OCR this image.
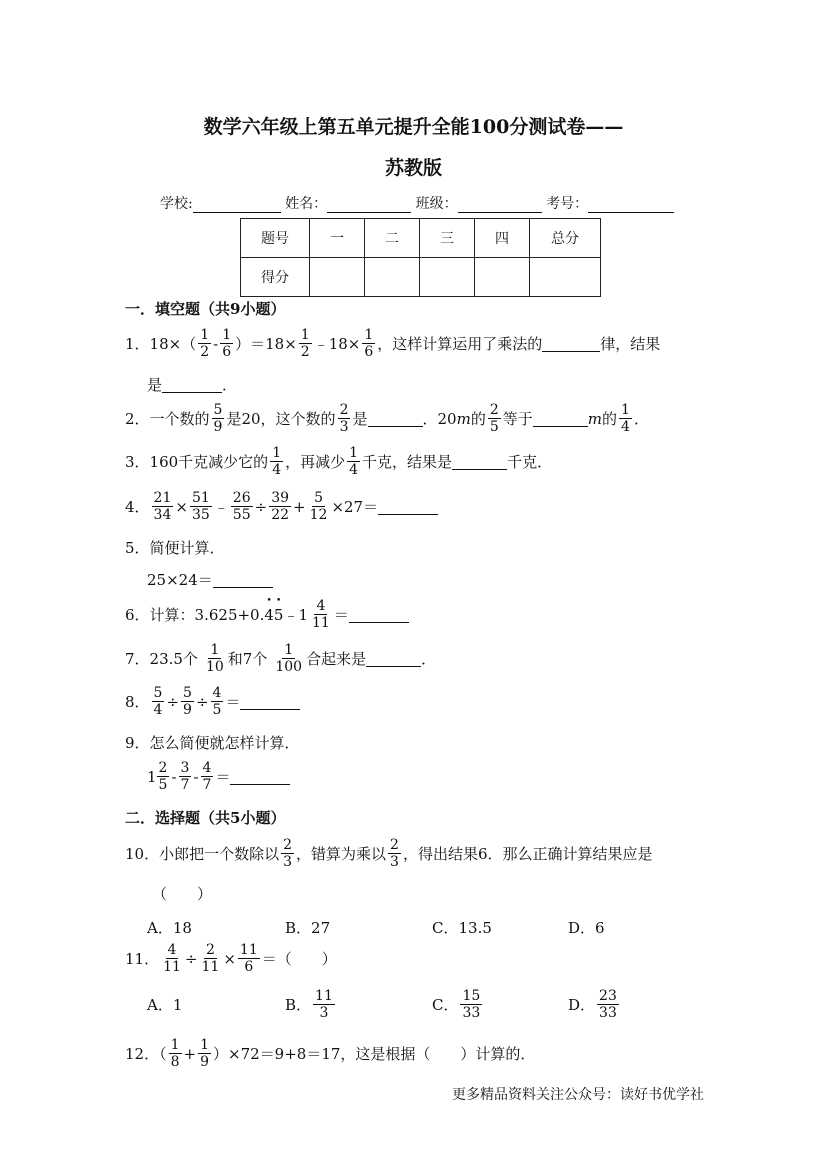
数学六年级上第五单元提升全能100分测试卷——
苏教版
学校:	姓名：	班级：	考号：
题号	一	二	三	四	总分
得分					
一．填空题（共9小题）
1．$18\times( \frac{1}{2} - \frac{1}{6} )=18\times \frac{1}{2}$ ﹣18× $\frac{1}{6}$ ，这样计算运用了乘法的	律，结果
是	．
2．一个数的 $\frac{5}{9}$ 是20，这个数的 $\frac{2}{3}$ 是	．20 m 的 $\frac{2}{5}$ 等于	m 的 $\frac{1}{4}$ ．
3．160千克减少它的 $\frac{1}{4}$ ，再减少 $\frac{1}{4}$ 千克，结果是	千克．
4． $\frac{21}{34} \times \frac{51}{35}$ ﹣ $\frac{26}{55} \div \frac{39}{22} + \frac{5}{12} \times 27=$
5．简便计算．
25×24＝
6．计算：3.625+0. • 4 • 5 ﹣1 $\frac{4}{11}$ ＝
7．23.5个 $\frac{1}{10}$ 和7个 $\frac{1}{100}$ 合起来是	．
8． $\frac{5}{4} \div \frac{5}{9} \div \frac{4}{5}$ ＝
9．怎么简便就怎样计算．
$1 \frac{2}{5} - \frac{3}{7} - \frac{4}{7}$ ＝
二．选择题（共5小题）
10．小郎把一个数除以 $\frac{2}{3}$ ，错算为乘以 $\frac{2}{3}$ ，得出结果6．那么正确计算结果应是
（　　）
A．18	B．27	C．13.5	D．6
11． $\frac{4}{11} \div \frac{2}{11} \times \frac{11}{6}$ ＝（　　）
A．1	B． $\frac{11}{3}$	C． $\frac{15}{33}$	D． $\frac{23}{33}$
12．（ $\frac{1}{8} + \frac{1}{9} )\times 72=9+8=17$，这是根据（　　）计算的．
更多精品资料关注公众号：读好书优学社
